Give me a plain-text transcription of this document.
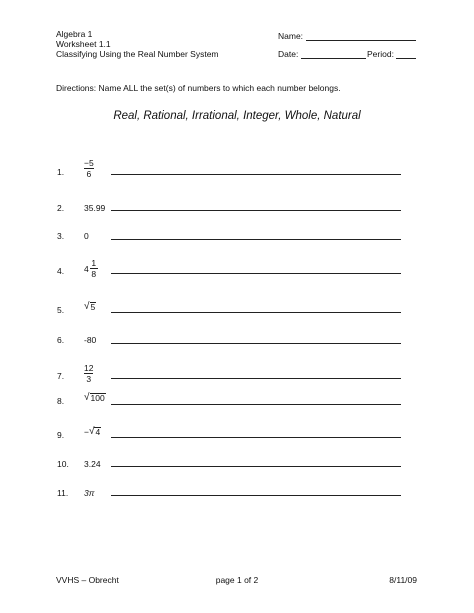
Algebra 1
Worksheet 1.1
Classifying Using the Real Number System
Name:
Date:	Period:
Directions: Name ALL the set(s) of numbers to which each number belongs.
Real, Rational, Irrational, Integer, Whole, Natural
1.
−5
6
2. 35.99
3. 0
4. $4 \frac{1}{8}$
5. √ 5
6. -80
7.
12
3
8. √ 100
9. − √ 4
10. 3.24
11. 3π
VVHS – Obrecht	page 1 of 2	8/11/09
